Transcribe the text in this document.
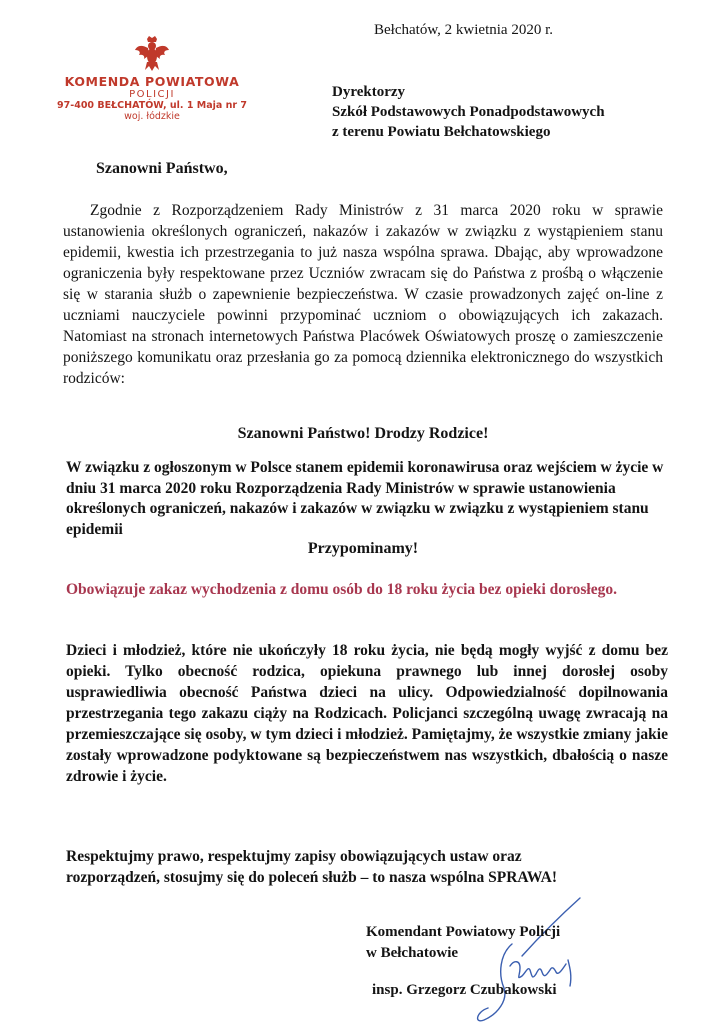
Bełchatów, 2 kwietnia 2020 r.
KOMENDA POWIATOWA
POLICJI
97-400 BEŁCHATÓW, ul. 1 Maja nr 7
woj. łódzkie
Dyrektorzy
Szkół Podstawowych Ponadpodstawowych
z terenu Powiatu Bełchatowskiego
Szanowni Państwo,
Zgodnie z Rozporządzeniem Rady Ministrów z 31 marca 2020 roku w sprawie ustanowienia określonych ograniczeń, nakazów i zakazów w związku z wystąpieniem stanu epidemii, kwestia ich przestrzegania to już nasza wspólna sprawa. Dbając, aby wprowadzone ograniczenia były respektowane przez Uczniów zwracam się do Państwa z prośbą o włączenie się w starania służb o zapewnienie bezpieczeństwa. W czasie prowadzonych zajęć on-line z uczniami nauczyciele powinni przypominać uczniom o obowiązujących ich zakazach. Natomiast na stronach internetowych Państwa Placówek Oświatowych proszę o zamieszczenie poniższego komunikatu oraz przesłania go za pomocą dziennika elektronicznego do wszystkich rodziców:
Szanowni Państwo! Drodzy Rodzice!
W związku z ogłoszonym w Polsce stanem epidemii koronawirusa oraz wejściem w życie w dniu 31 marca 2020 roku Rozporządzenia Rady Ministrów w sprawie ustanowienia określonych ograniczeń, nakazów i zakazów w związku w związku z wystąpieniem stanu epidemii
Przypominamy!
Obowiązuje zakaz wychodzenia z domu osób do 18 roku życia bez opieki dorosłego.
Dzieci i młodzież, które nie ukończyły 18 roku życia, nie będą mogły wyjść z domu bez opieki. Tylko obecność rodzica, opiekuna prawnego lub innej dorosłej osoby usprawiedliwia obecność Państwa dzieci na ulicy. Odpowiedzialność dopilnowania przestrzegania tego zakazu ciąży na Rodzicach. Policjanci szczególną uwagę zwracają na przemieszczające się osoby, w tym dzieci i młodzież. Pamiętajmy, że wszystkie zmiany jakie zostały wprowadzone podyktowane są bezpieczeństwem nas wszystkich, dbałością o nasze zdrowie i życie.
Respektujmy prawo, respektujmy zapisy obowiązujących ustaw oraz
rozporządzeń, stosujmy się do poleceń służb – to nasza wspólna SPRAWA!
Komendant Powiatowy Policji
w Bełchatowie
insp. Grzegorz Czubakowski
